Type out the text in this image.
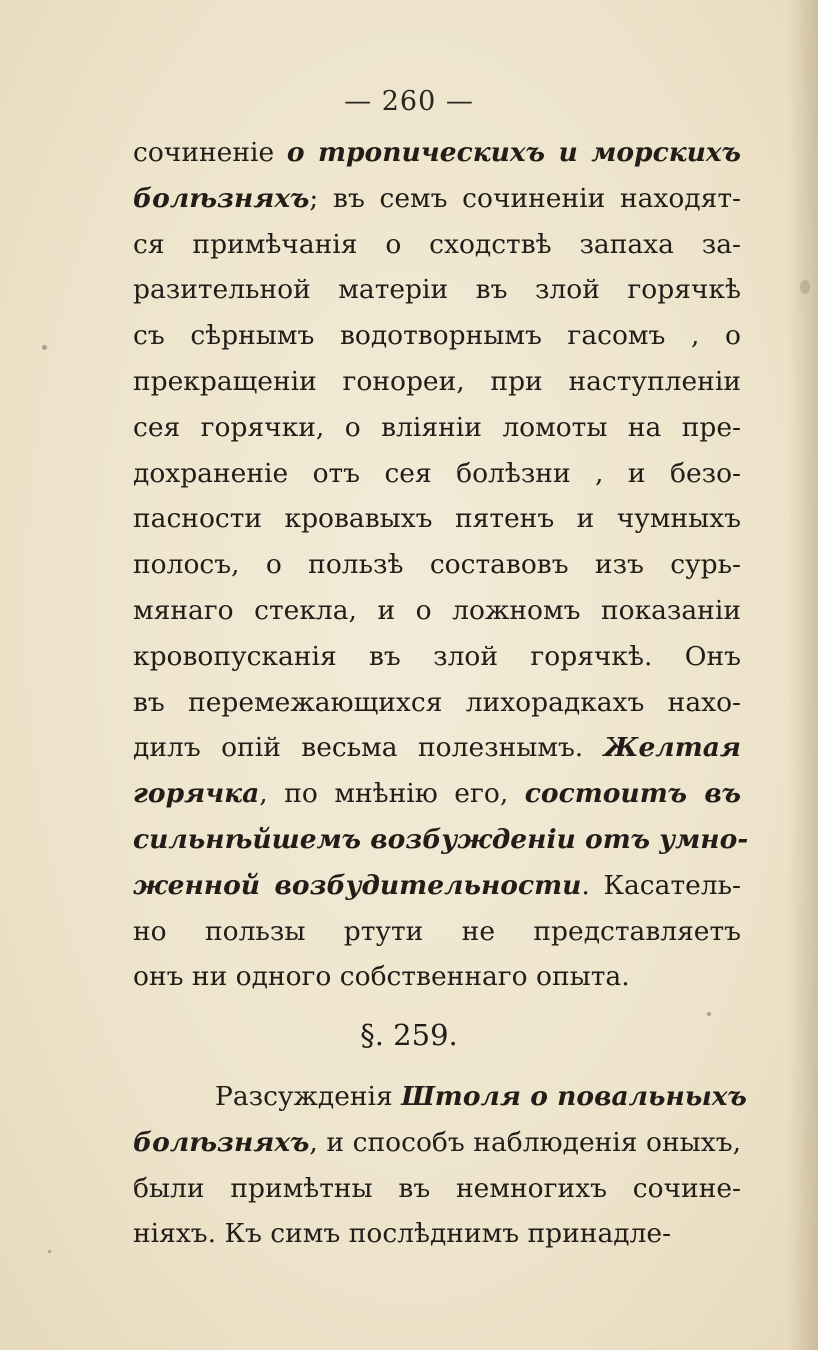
— 260 —
сочиненіе о тропическихъ и морскихъ
болѣзняхъ; въ семъ сочиненіи находят-
ся примѣчанія о сходствѣ запаха за-
разительной матеріи въ злой горячкѣ
съ сѣрнымъ водотворнымъ гасомъ , о
прекращеніи гонореи, при наступленіи
сея горячки, о вліяніи ломоты на пре-
дохраненіе отъ сея болѣзни , и безо-
пасности кровавыхъ пятенъ и чумныхъ
полосъ, о пользѣ составовъ изъ сурь-
мянаго стекла, и о ложномъ показаніи
кровопусканія въ злой горячкѣ. Онъ
въ перемежающихся лихорадкахъ нахо-
дилъ опій весьма полезнымъ. Желтая
горячка, по мнѣнію его, состоитъ въ
сильнѣйшемъ возбужденіи отъ умно-
женной возбудительности. Касатель-
но пользы ртути не представляетъ
онъ ни одного собственнаго опыта.
§. 259.
Разсужденія Штоля о повальныхъ
болѣзняхъ, и способъ наблюденія оныхъ,
были примѣтны въ немногихъ сочине-
ніяхъ. Къ симъ послѣднимъ принадле-
